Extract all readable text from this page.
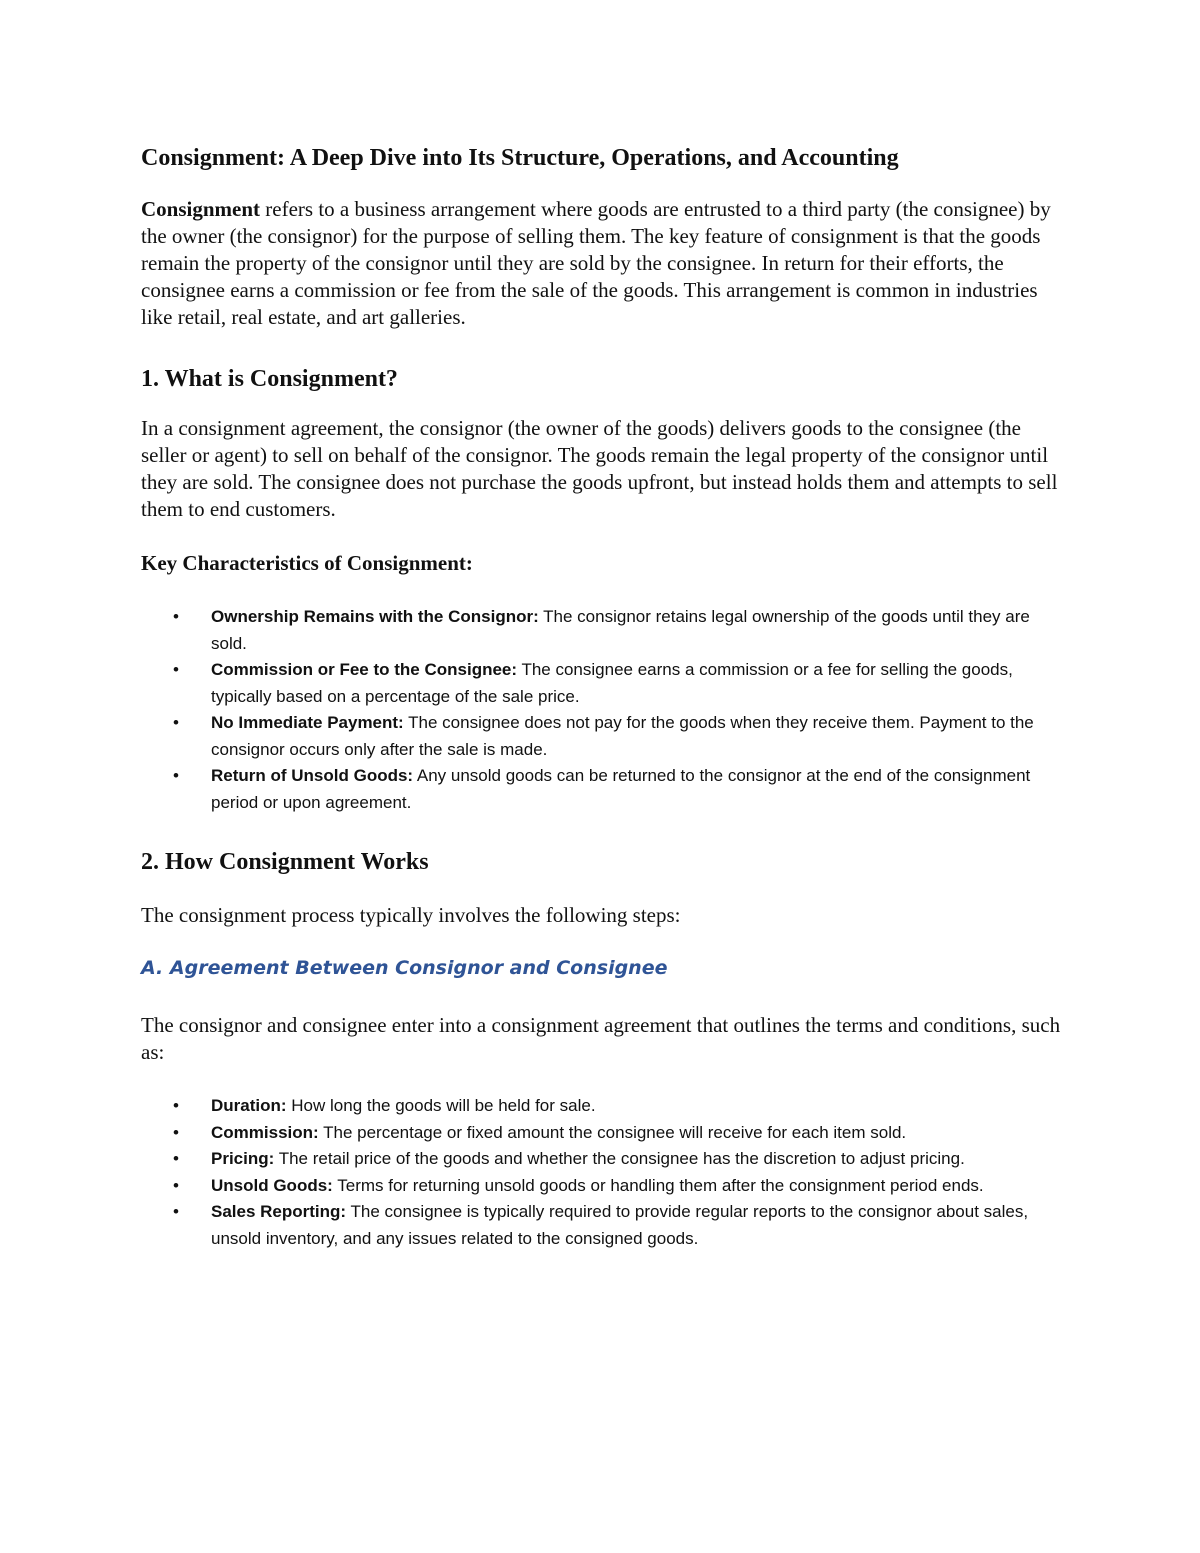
Consignment: A Deep Dive into Its Structure, Operations, and Accounting

Consignment refers to a business arrangement where goods are entrusted to a third party (the consignee) by the owner (the consignor) for the purpose of selling them. The key feature of consignment is that the goods remain the property of the consignor until they are sold by the consignee. In return for their efforts, the consignee earns a commission or fee from the sale of the goods. This arrangement is common in industries like retail, real estate, and art galleries.

1. What is Consignment?

In a consignment agreement, the consignor (the owner of the goods) delivers goods to the consignee (the seller or agent) to sell on behalf of the consignor. The goods remain the legal property of the consignor until they are sold. The consignee does not purchase the goods upfront, but instead holds them and attempts to sell them to end customers.

Key Characteristics of Consignment:
• Ownership Remains with the Consignor: The consignor retains legal ownership of the goods until they are sold.
• Commission or Fee to the Consignee: The consignee earns a commission or a fee for selling the goods, typically based on a percentage of the sale price.
• No Immediate Payment: The consignee does not pay for the goods when they receive them. Payment to the consignor occurs only after the sale is made.
• Return of Unsold Goods: Any unsold goods can be returned to the consignor at the end of the consignment period or upon agreement.
2. How Consignment Works

The consignment process typically involves the following steps:

A. Agreement Between Consignor and Consignee

The consignor and consignee enter into a consignment agreement that outlines the terms and conditions, such as:

• Duration: How long the goods will be held for sale.
• Commission: The percentage or fixed amount the consignee will receive for each item sold.
• Pricing: The retail price of the goods and whether the consignee has the discretion to adjust pricing.
• Unsold Goods: Terms for returning unsold goods or handling them after the consignment period ends.
• Sales Reporting: The consignee is typically required to provide regular reports to the consignor about sales, unsold inventory, and any issues related to the consigned goods.
